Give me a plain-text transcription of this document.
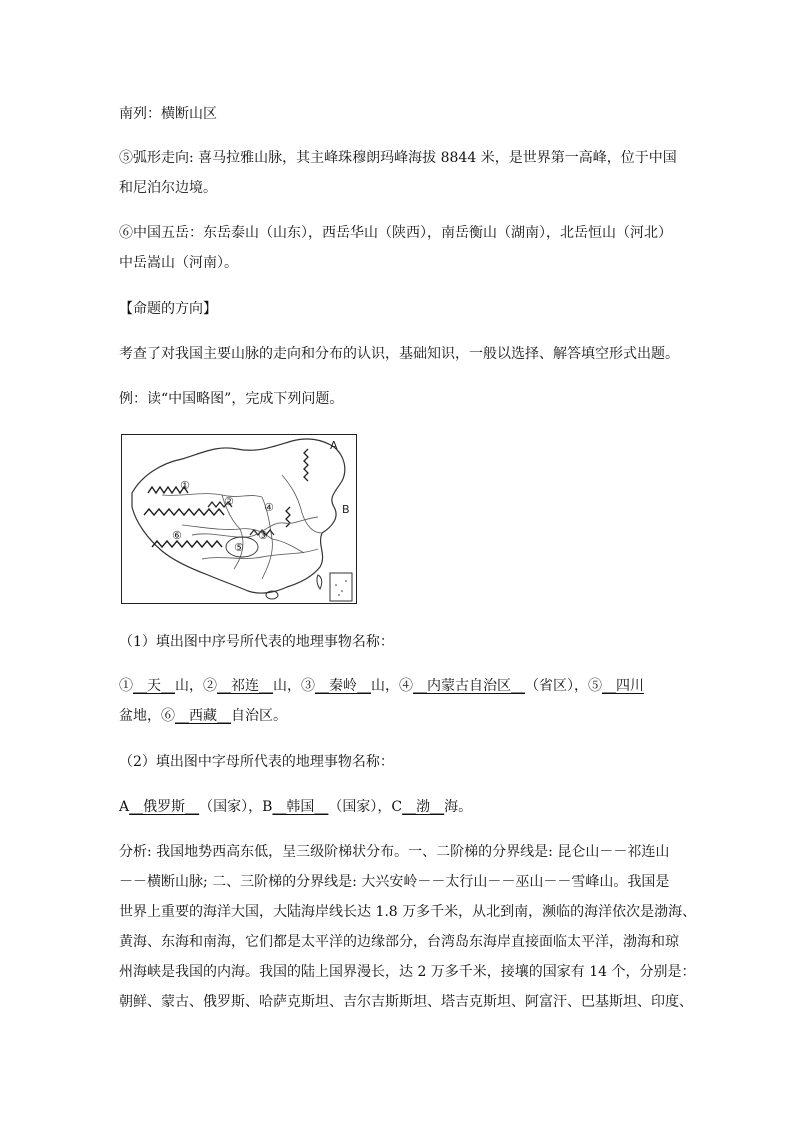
南列：横断山区
⑤弧形走向: 喜马拉雅山脉，其主峰珠穆朗玛峰海拔 8844 米，是世界第一高峰，位于中国
和尼泊尔边境。
⑥中国五岳：东岳泰山（山东），西岳华山（陕西），南岳衡山（湖南），北岳恒山（河北）
中岳嵩山（河南）。
【命题的方向】
考查了对我国主要山脉的走向和分布的认识，基础知识，一般以选择、解答填空形式出题。
例：读“中国略图”，完成下列问题。
A
B
①
②
③
④
⑤
⑥
（1）填出图中序号所代表的地理事物名称：
①__天__山，②__祁连__山，③__秦岭__山，④__内蒙古自治区__（省区），⑤__四川
盆地，⑥__西藏__自治区。
（2）填出图中字母所代表的地理事物名称：
A__俄罗斯__（国家），B__韩国__（国家），C__渤__海。
分析: 我国地势西高东低，呈三级阶梯状分布。一、二阶梯的分界线是: 昆仑山－－祁连山
－－横断山脉; 二、三阶梯的分界线是: 大兴安岭－－太行山－－巫山－－雪峰山。我国是
世界上重要的海洋大国，大陆海岸线长达 1.8 万多千米，从北到南，濒临的海洋依次是渤海、
黄海、东海和南海，它们都是太平洋的边缘部分，台湾岛东海岸直接面临太平洋，渤海和琼
州海峡是我国的内海。我国的陆上国界漫长，达 2 万多千米，接壤的国家有 14 个，分别是：
朝鲜、蒙古、俄罗斯、哈萨克斯坦、吉尔吉斯斯坦、塔吉克斯坦、阿富汗、巴基斯坦、印度、
